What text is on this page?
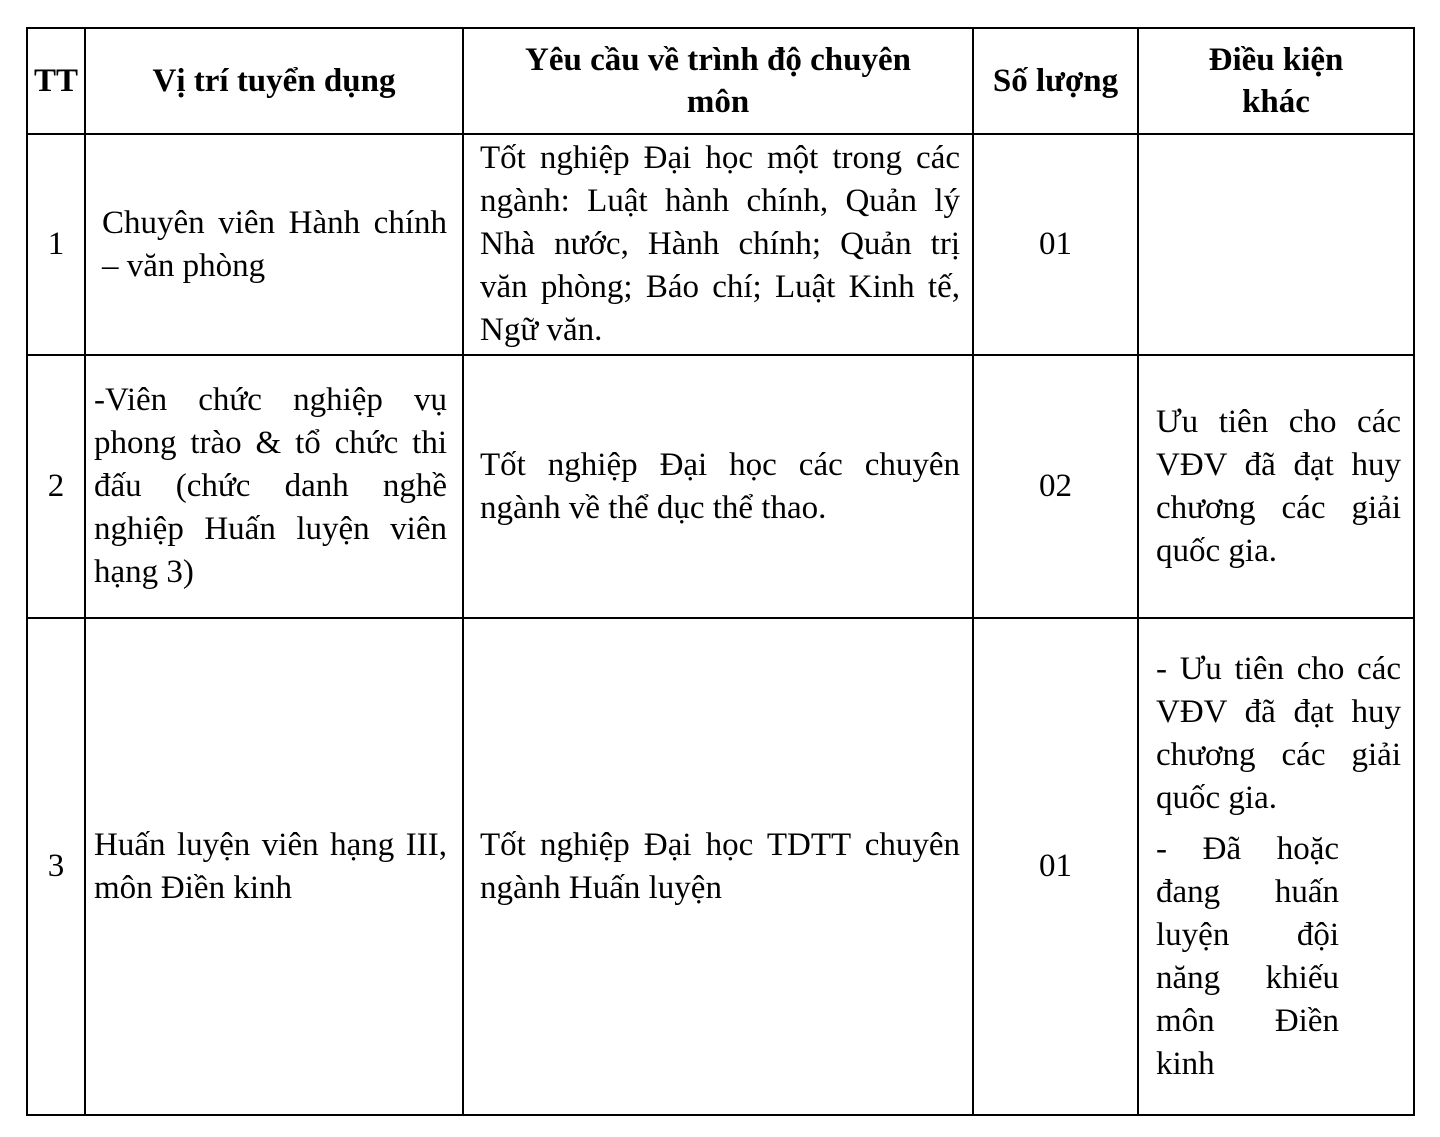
TT	Vị trí tuyển dụng	Yêu cầu về trình độ chuyên môn	Số lượng	Điều kiện khác
1	Chuyên viên Hành chính – văn phòng	Tốt nghiệp Đại học một trong các ngành: Luật hành chính, Quản lý Nhà nước, Hành chính; Quản trị văn phòng; Báo chí; Luật Kinh tế, Ngữ văn.	01	
2	-Viên chức nghiệp vụ phong trào & tổ chức thi đấu (chức danh nghề nghiệp Huấn luyện viên hạng 3)	Tốt nghiệp Đại học các chuyên ngành về thể dục thể thao.	02	Ưu tiên cho các VĐV đã đạt huy chương các giải quốc gia.
3	Huấn luyện viên hạng III, môn Điền kinh	Tốt nghiệp Đại học TDTT chuyên ngành Huấn luyện	01	- Ưu tiên cho các VĐV đã đạt huy chương các giải quốc gia.
- Đã hoặc đang huấn luyện đội năng khiếu môn Điền kinh
